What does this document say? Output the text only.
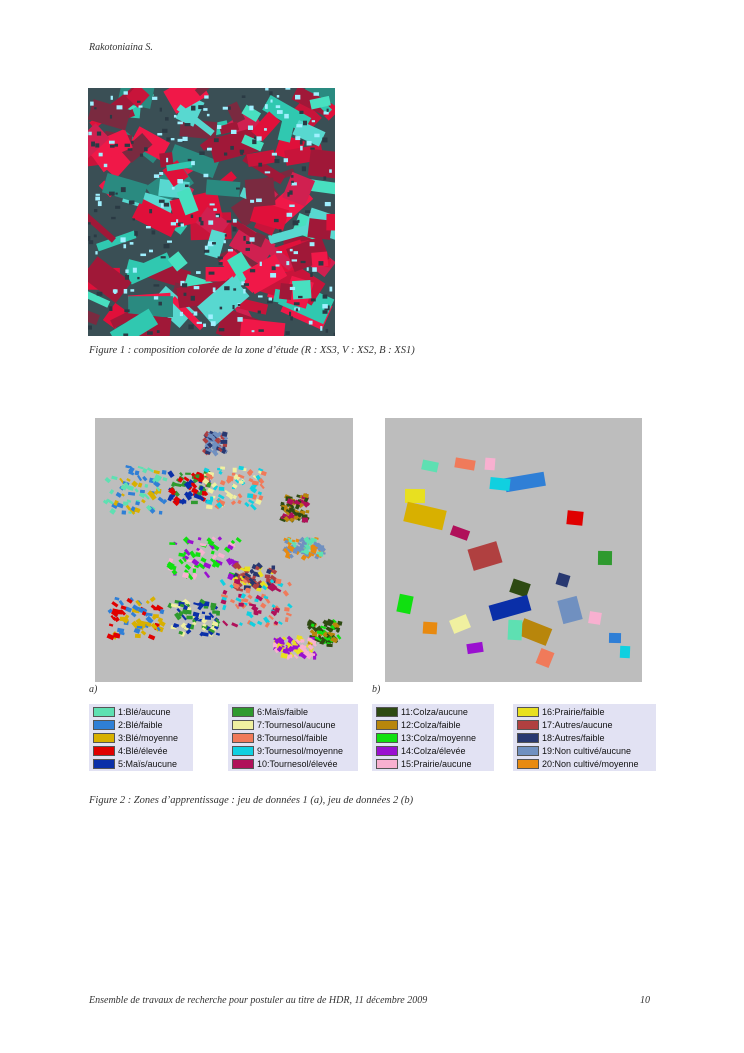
Rakotoniaina S.
Figure 1 : composition colorée de la zone d’étude (R : XS3, V : XS2, B : XS1)
a)	b)
1:Blé/aucune
2:Blé/faible
3:Blé/moyenne
4:Blé/élevée
5:Maïs/aucune
6:Maïs/faible
7:Tournesol/aucune
8:Tournesol/faible
9:Tournesol/moyenne
10:Tournesol/élevée
11:Colza/aucune
12:Colza/faible
13:Colza/moyenne
14:Colza/élevée
15:Prairie/aucune
16:Prairie/faible
17:Autres/aucune
18:Autres/faible
19:Non cultivé/aucune
20:Non cultivé/moyenne
Figure 2 : Zones d’apprentissage : jeu de données 1 (a), jeu de données 2 (b)
Ensemble de travaux de recherche pour postuler au titre de HDR, 11 décembre 2009	10
